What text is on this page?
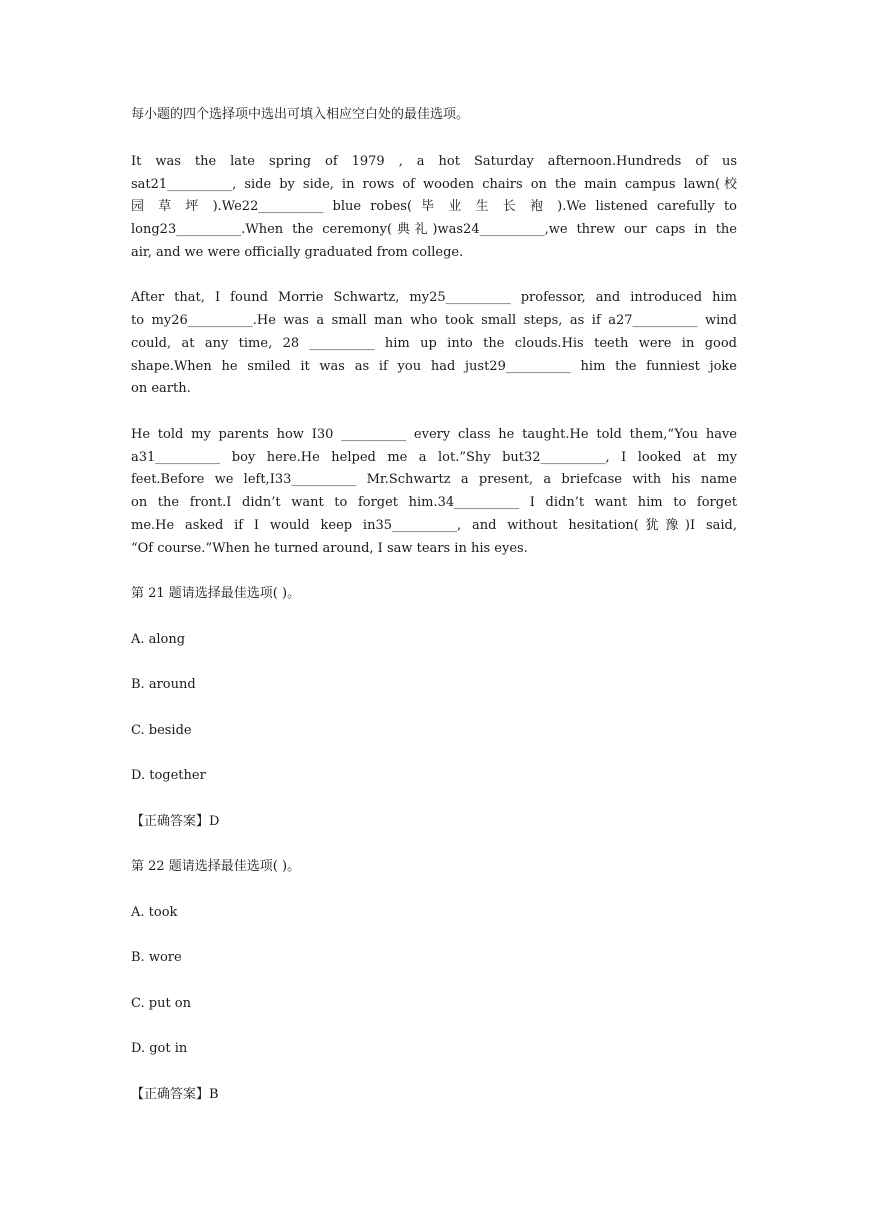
每小题的四个选择项中选出可填入相应空白处的最佳选项。
It was the late spring of 1979 , a hot Saturday afternoon.Hundreds of us
sat21__________, side by side, in rows of wooden chairs on the main campus lawn(校
园 草 坪 ).We22__________ blue robes( 毕 业 生 长 袍 ).We listened carefully to
long23__________.When the ceremony(典礼)was24__________,we threw our caps in the
air, and we were officially graduated from college.
After that, I found Morrie Schwartz, my25__________ professor, and introduced him
to my26__________.He was a small man who took small steps, as if a27__________ wind
could, at any time, 28 __________ him up into the clouds.His teeth were in good
shape.When he smiled it was as if you had just29__________ him the funniest joke
on earth.
He told my parents how I30 __________ every class he taught.He told them,“You have
a31__________ boy here.He helped me a lot.”Shy but32__________, I looked at my
feet.Before we left,I33__________ Mr.Schwartz a present, a briefcase with his name
on the front.I didn’t want to forget him.34__________ I didn’t want him to forget
me.He asked if I would keep in35__________, and without hesitation(犹豫)I said,
“Of course.”When he turned around, I saw tears in his eyes.
第 21 题请选择最佳选项( )。
A. along
B. around
C. beside
D. together
【正确答案】D
第 22 题请选择最佳选项( )。
A. took
B. wore
C. put on
D. got in
【正确答案】B
